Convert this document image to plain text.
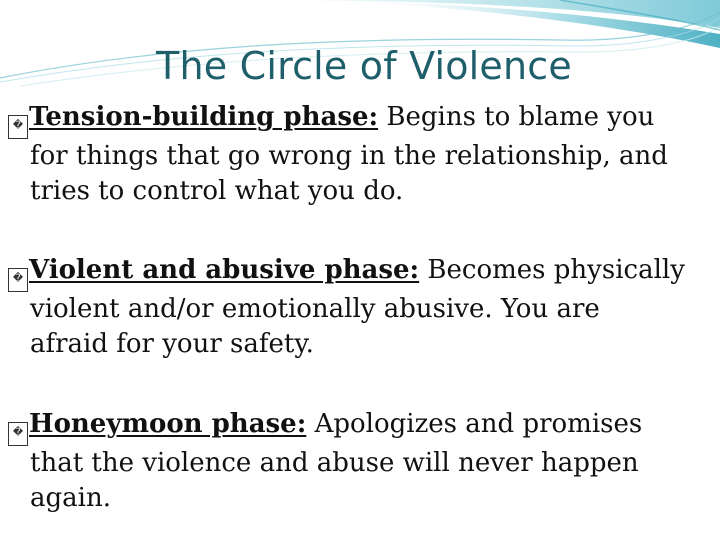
The Circle of Violence
� Tension-building phase: Begins to blame you
for things that go wrong in the relationship, and
tries to control what you do.
� Violent and abusive phase: Becomes physically
violent and/or emotionally abusive. You are
afraid for your safety.
� Honeymoon phase: Apologizes and promises
that the violence and abuse will never happen
again.
